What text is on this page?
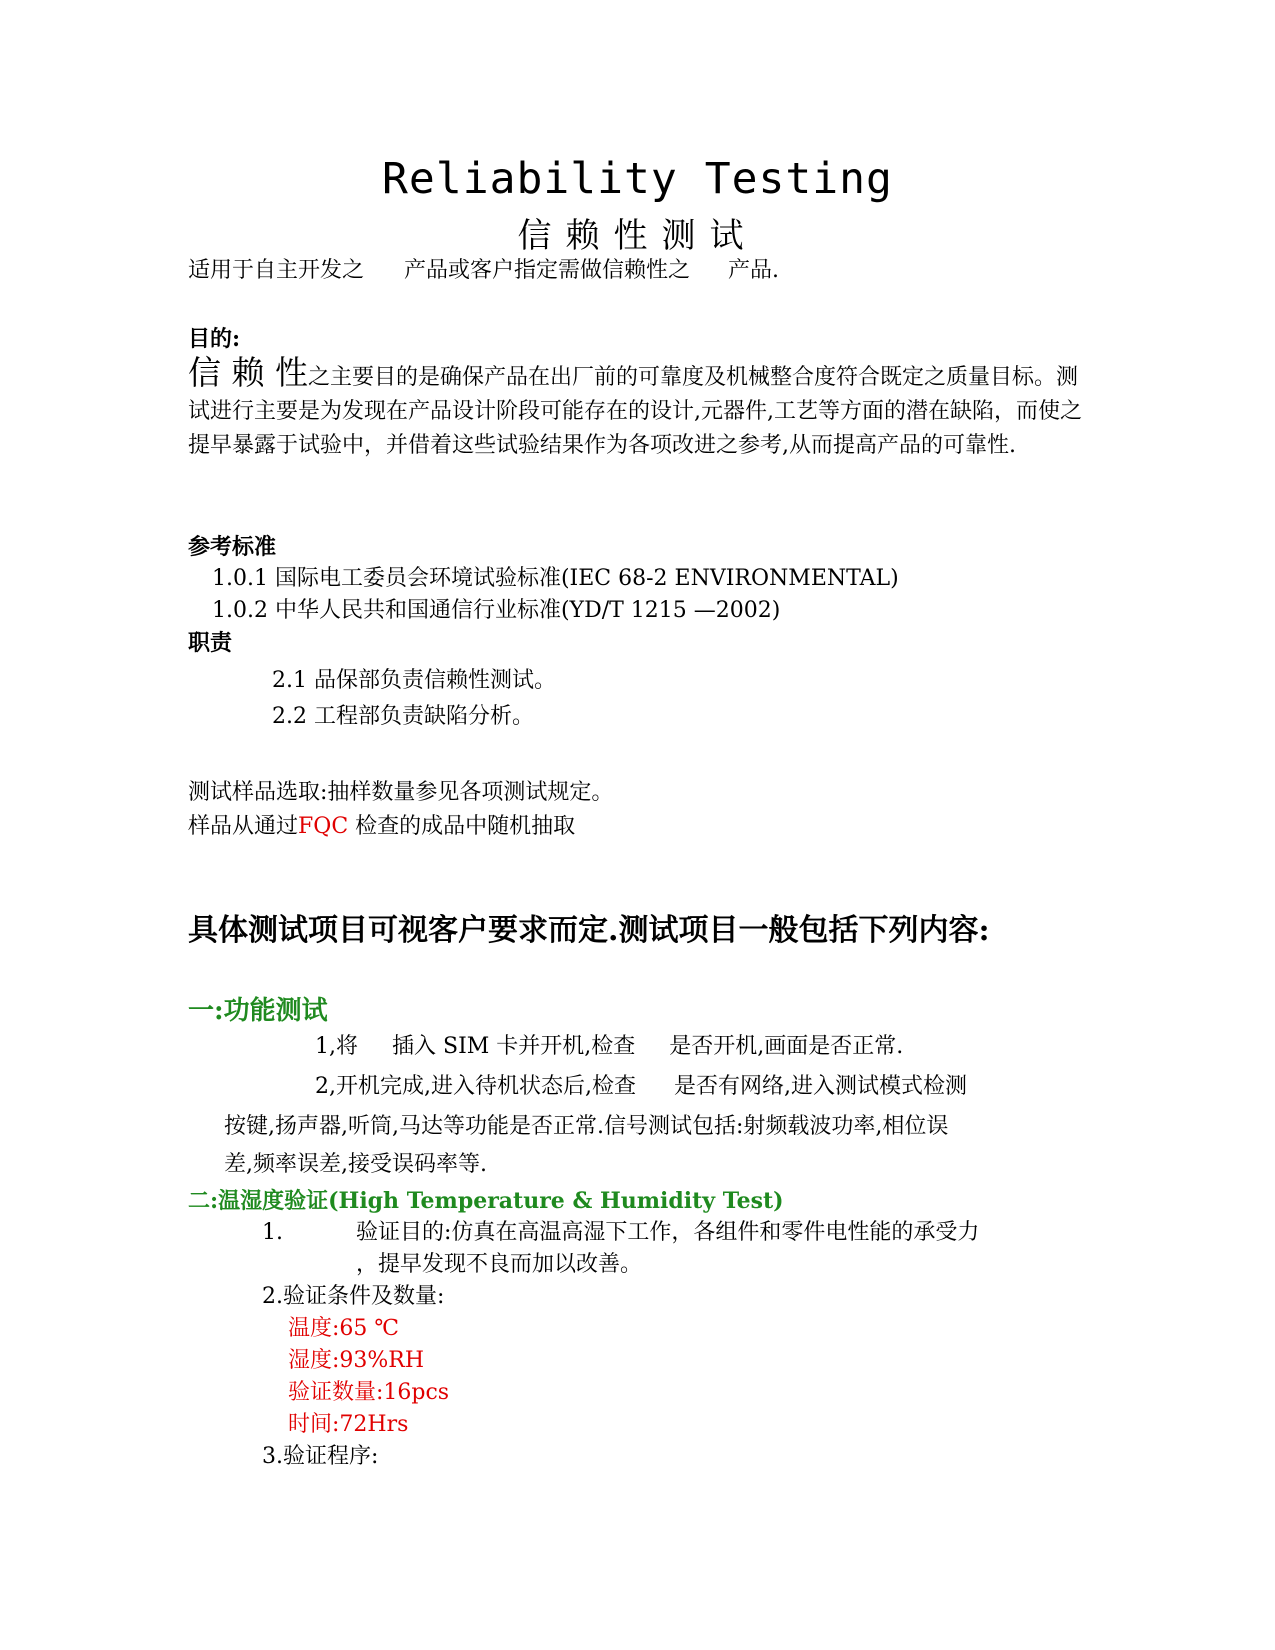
Reliability Testing
信赖性测试
适用于自主开发之 产品或客户指定需做信赖性之 产品.
目的:
信 赖 性之主要目的是确保产品在出厂前的可靠度及机械整合度符合既定之质量目标。测试进行主要是为发现在产品设计阶段可能存在的设计,元器件,工艺等方面的潜在缺陷，而使之提早暴露于试验中，并借着这些试验结果作为各项改进之参考,从而提高产品的可靠性.
参考标准
1.0.1 国际电工委员会环境试验标准(IEC 68-2 ENVIRONMENTAL)
1.0.2 中华人民共和国通信行业标准(YD/T 1215 —2002)
职责
2.1 品保部负责信赖性测试。
2.2 工程部负责缺陷分析。
测试样品选取:抽样数量参见各项测试规定。
样品从通过FQC 检查的成品中随机抽取
具体测试项目可视客户要求而定.测试项目一般包括下列内容:
一:功能测试
1,将 插入 SIM 卡并开机,检查 是否开机,画面是否正常.
2,开机完成,进入待机状态后,检查 是否有网络,进入测试模式检测
按键,扬声器,听筒,马达等功能是否正常.信号测试包括:射频载波功率,相位误
差,频率误差,接受误码率等.
二:温湿度验证(High Temperature & Humidity Test)
1.	验证目的:仿真在高温高湿下工作，各组件和零件电性能的承受力
，提早发现不良而加以改善。
2.验证条件及数量:
温度:65 ℃
湿度:93%RH
验证数量:16pcs
时间:72Hrs
3.验证程序:
